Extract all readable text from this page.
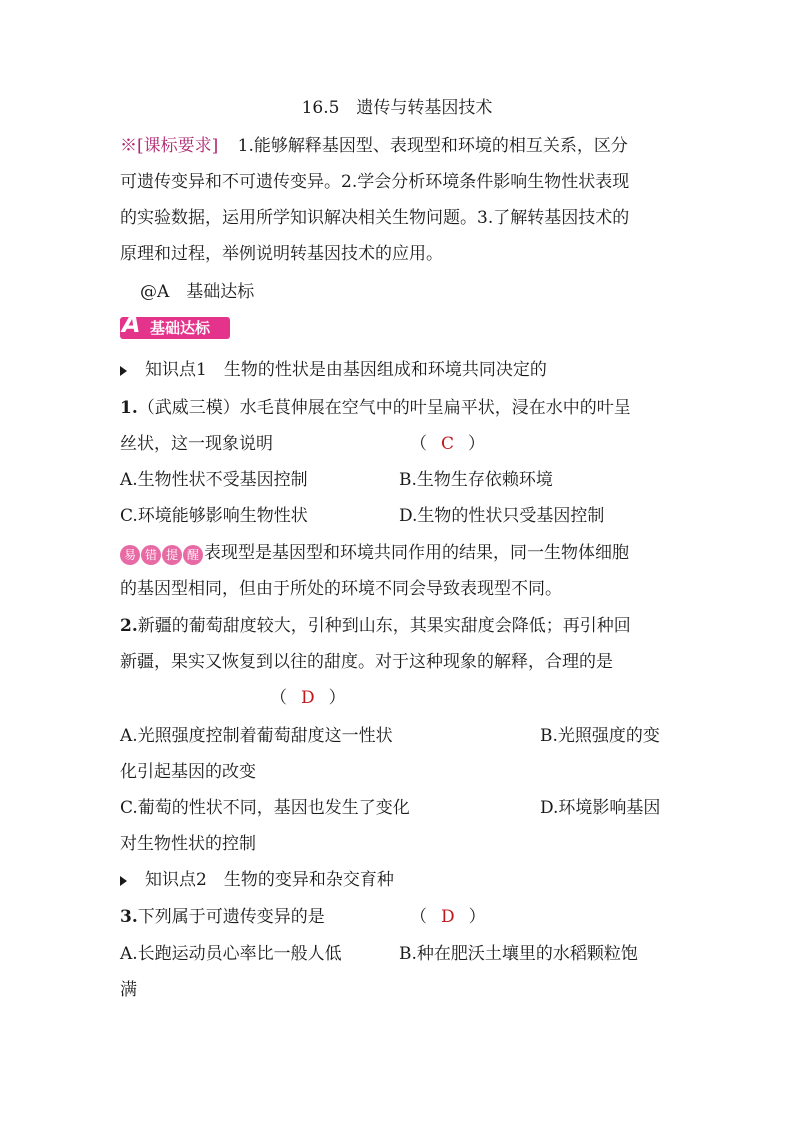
16.5　遗传与转基因技术
※[课标要求] 1.能够解释基因型、表现型和环境的相互关系，区分
可遗传变异和不可遗传变异。2.学会分析环境条件影响生物性状表现
的实验数据，运用所学知识解决相关生物问题。3.了解转基因技术的
原理和过程，举例说明转基因技术的应用。
@A　基础达标
A 基础达标
知识点1　生物的性状是由基因组成和环境共同决定的
1.（武威三模）水毛茛伸展在空气中的叶呈扁平状，浸在水中的叶呈
丝状，这一现象说明	（ C ）
A.生物性状不受基因控制	B.生物生存依赖环境
C.环境能够影响生物性状	D.生物的性状只受基因控制
易 错 提 醒 表现型是基因型和环境共同作用的结果，同一生物体细胞
的基因型相同，但由于所处的环境不同会导致表现型不同。
2.新疆的葡萄甜度较大，引种到山东，其果实甜度会降低；再引种回
新疆，果实又恢复到以往的甜度。对于这种现象的解释，合理的是
（ D ）
A.光照强度控制着葡萄甜度这一性状	B.光照强度的变
化引起基因的改变
C.葡萄的性状不同，基因也发生了变化	D.环境影响基因
对生物性状的控制
知识点2　生物的变异和杂交育种
3.下列属于可遗传变异的是	（ D ）
A.长跑运动员心率比一般人低	B.种在肥沃土壤里的水稻颗粒饱
满
